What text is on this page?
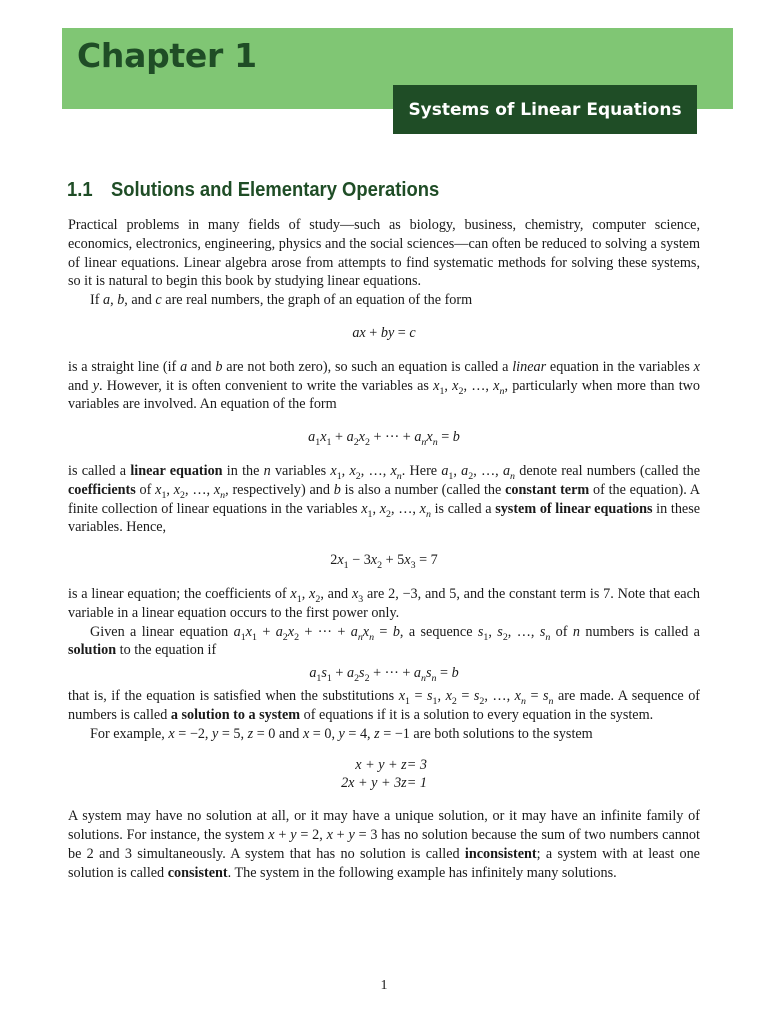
Chapter 1
Systems of Linear Equations
1.1 Solutions and Elementary Operations

Practical problems in many fields of study—such as biology, business, chemistry, computer science, economics, electronics, engineering, physics and the social sciences—can often be reduced to solving a system of linear equations. Linear algebra arose from attempts to find systematic methods for solving these systems, so it is natural to begin this book by studying linear equations.

If a, b, and c are real numbers, the graph of an equation of the form

ax + by = c

is a straight line (if a and b are not both zero), so such an equation is called a linear equation in the variables x and y. However, it is often convenient to write the variables as $x_1$, $x_2$, …, $x_n$, particularly when more than two variables are involved. An equation of the form

$a_1x_1 + a_2x_2$ + ··· + $a_nx_n = b$

is called a linear equation in the n variables $x_1$, $x_2$, …, $x_n$. Here $a_1$, $a_2$, …, $a_n$ denote real numbers (called the coefficients of $x_1$, $x_2$, …, $x_n$, respectively) and b is also a number (called the constant term of the equation). A finite collection of linear equations in the variables $x_1$, $x_2$, …, $x_n$ is called a system of linear equations in these variables. Hence,

$2x_1 - 3x_2 + 5x_3 = 7$

is a linear equation; the coefficients of $x_1$, $x_2$, and $x_3$ are 2, −3, and 5, and the constant term is 7. Note that each variable in a linear equation occurs to the first power only.

Given a linear equation $a_1x_1 + a_2x_2$ + ··· + $a_nx_n = b$, a sequence $s_1$, $s_2$, …, $s_n$ of n numbers is called a solution to the equation if

$a_1s_1 + a_2s_2$ + ··· + $a_ns_n = b$

that is, if the equation is satisfied when the substitutions $x_1 = s_1$, $x_2 = s_2$, …, $x_n = s_n$ are made. A sequence of numbers is called a solution to a system of equations if it is a solution to every equation in the system.

For example, x = −2, y = 5, z = 0 and x = 0, y = 4, z = −1 are both solutions to the system

x + y + z	= 3
2x + y + 3z	= 1

A system may have no solution at all, or it may have a unique solution, or it may have an infinite family of solutions. For instance, the system x + y = 2, x + y = 3 has no solution because the sum of two numbers cannot be 2 and 3 simultaneously. A system that has no solution is called inconsistent; a system with at least one solution is called consistent. The system in the following example has infinitely many solutions.

1
